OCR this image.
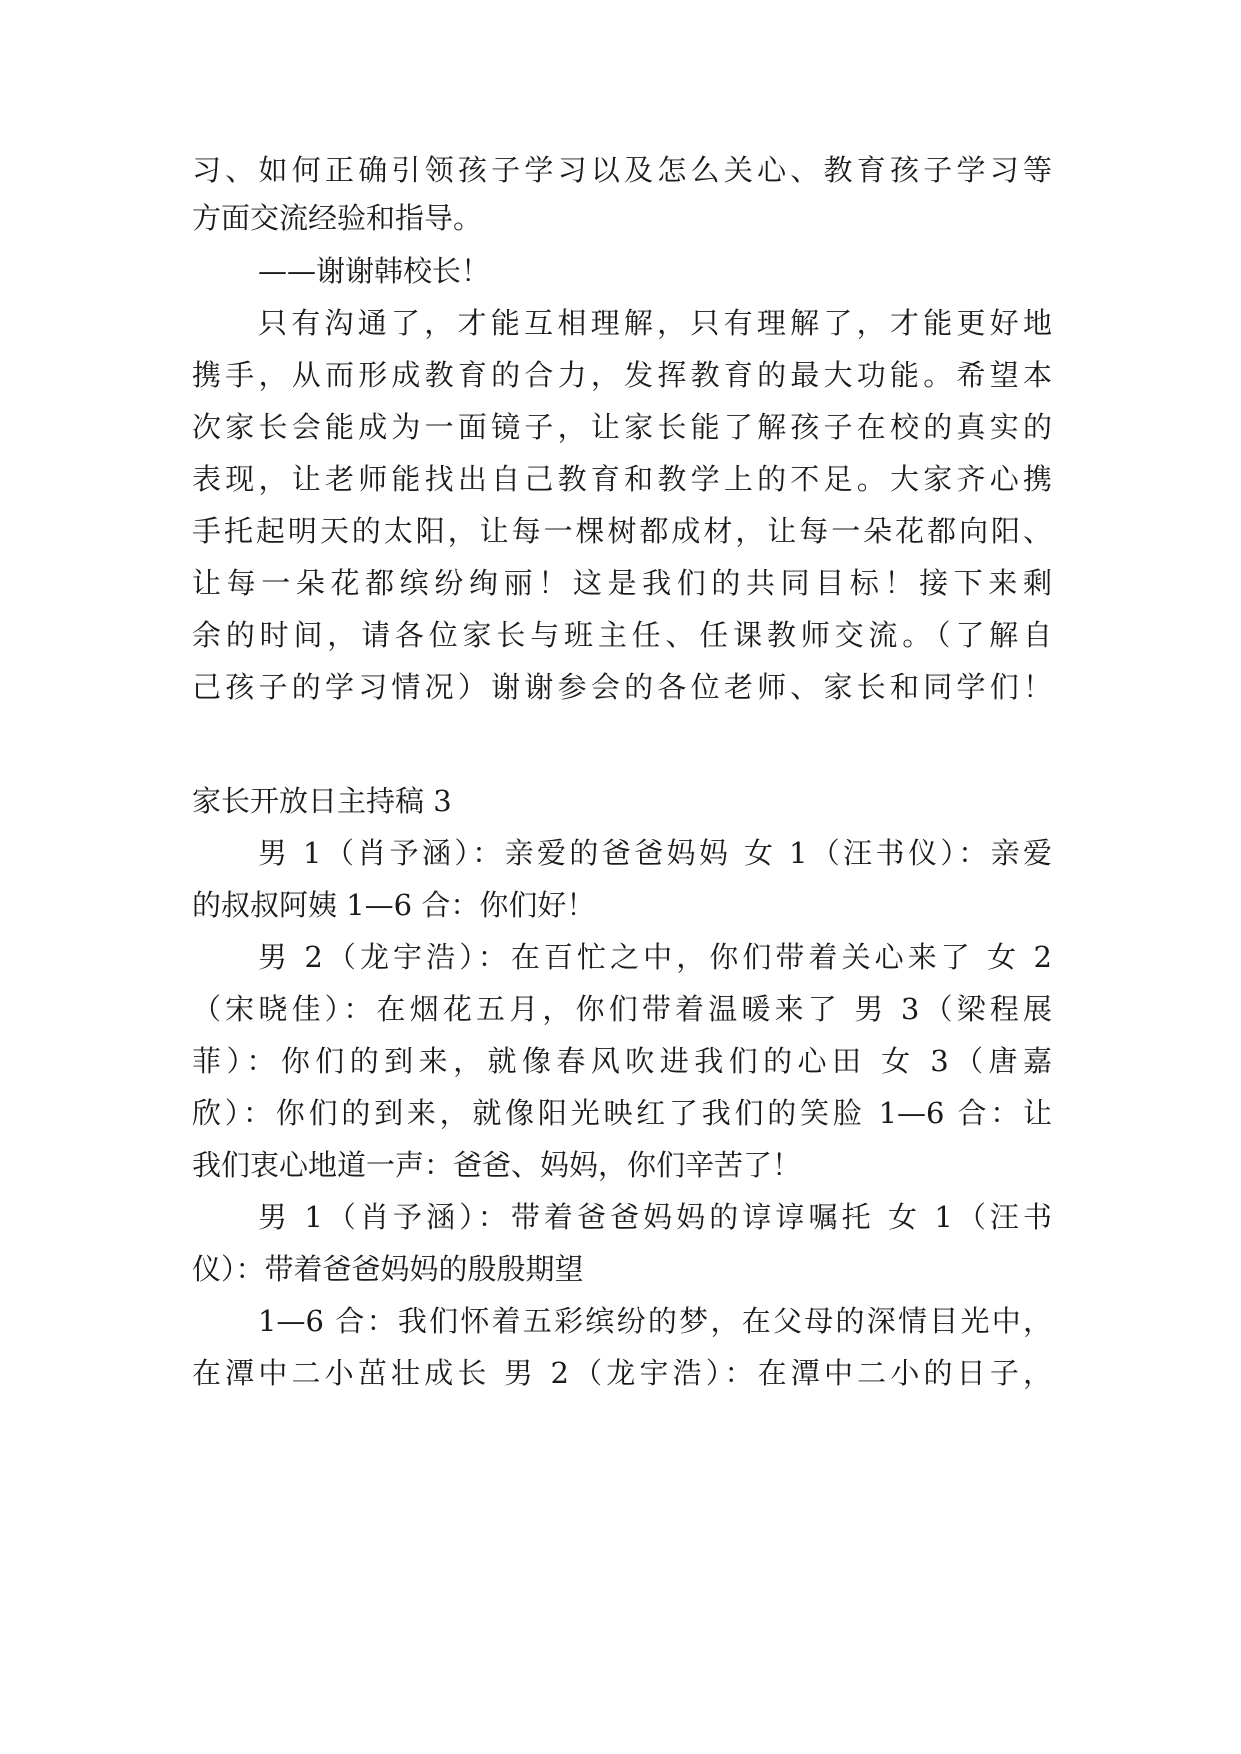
习、如何正确引领孩子学习以及怎么关心、教育孩子学习等
方面交流经验和指导。
——谢谢韩校长！
只有沟通了，才能互相理解，只有理解了，才能更好地
携手，从而形成教育的合力，发挥教育的最大功能。希望本
次家长会能成为一面镜子，让家长能了解孩子在校的真实的
表现，让老师能找出自己教育和教学上的不足。大家齐心携
手托起明天的太阳，让每一棵树都成材，让每一朵花都向阳、
让每一朵花都缤纷绚丽！这是我们的共同目标！接下来剩
余的时间，请各位家长与班主任、任课教师交流。（了解自
己孩子的学习情况）谢谢参会的各位老师、家长和同学们！
家长开放日主持稿 3
男 1（肖予涵）：亲爱的爸爸妈妈 女 1（汪书仪）：亲爱
的叔叔阿姨 1—6 合：你们好！
男 2（龙宇浩）：在百忙之中，你们带着关心来了 女 2
（宋晓佳）：在烟花五月，你们带着温暖来了 男 3（梁程展
菲）：你们的到来，就像春风吹进我们的心田 女 3（唐嘉
欣）：你们的到来，就像阳光映红了我们的笑脸 1—6 合：让
我们衷心地道一声：爸爸、妈妈，你们辛苦了！
男 1（肖予涵）：带着爸爸妈妈的谆谆嘱托 女 1（汪书
仪）：带着爸爸妈妈的殷殷期望
1—6 合：我们怀着五彩缤纷的梦，在父母的深情目光中，
在潭中二小茁壮成长 男 2（龙宇浩）：在潭中二小的日子，
